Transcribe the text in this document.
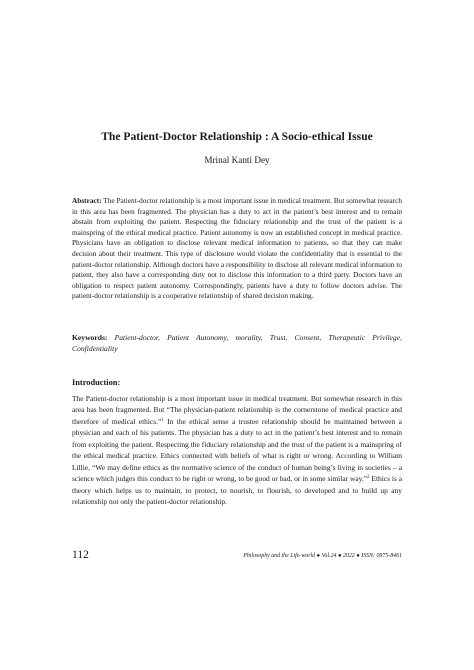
The Patient-Doctor Relationship : A Socio-ethical Issue

Mrinal Kanti Dey

Abstract: The Patient-doctor relationship is a most important issue in medical treatment. But somewhat research in this area has been fragmented. The physician has a duty to act in the patient’s best interest and to remain abstain from exploiting the patient. Respecting the fiduciary relationship and the trust of the patient is a mainspring of the ethical medical practice. Patient autonomy is now an established concept in medical practice. Physicians have an obligation to disclose relevant medical information to patients, so that they can make decision about their treatment. This type of disclosure would violate the confidentiality that is essential to the patient-doctor relationship. Although doctors have a responsibility to disclose all relevant medical information to patient, they also have a corresponding duty not to disclose this information to a third party. Doctors have an obligation to respect patient autonomy. Correspondingly, patients have a duty to follow doctors advise. The patient-doctor relationship is a cooperative relationship of shared decision making.

Keywords: Patient-doctor, Patient Autonomy, morality, Trust, Consent, Therapeutic Privilege, Confidentiality

Introduction:

The Patient-doctor relationship is a most important issue in medical treatment. But somewhat research in this area has been fragmented. But “The physician-patient relationship is the cornerstone of medical practice and therefore of medical ethics.”$^1$ In the ethical sense a trustee relationship should be maintained between a physician and each of his patients. The physician has a duty to act in the patient’s best interest and to remain from exploiting the patient. Respecting the fiduciary relationship and the trust of the patient is a mainspring of the ethical medical practice. Ethics connected with beliefs of what is right or wrong. According to William Lillie, “We may define ethics as the normative science of the conduct of human being’s living in societies – a science which judges this conduct to be right or wrong, to be good or bad, or in some similar way.”$^2$ Ethics is a theory which helps us to maintain, to protect, to nourish, to flourish, to developed and to build up any relationship not only the patient-doctor relationship.

112	Philosophy and the Life-world ● Vol.24 ● 2022 ● ISSN: 0975-8461
